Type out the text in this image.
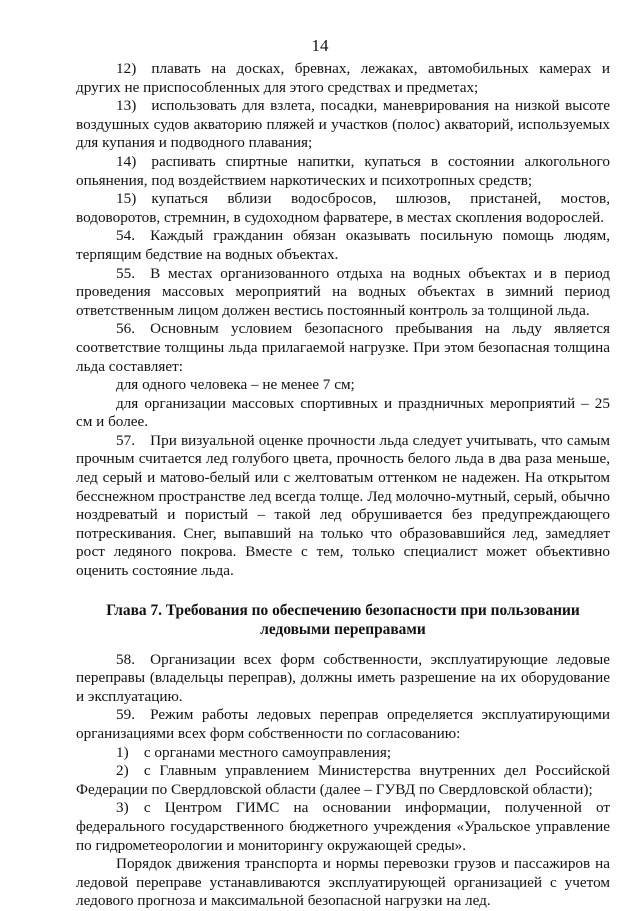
14

12) плавать на досках, бревнах, лежаках, автомобильных камерах и других не приспособленных для этого средствах и предметах;

13) использовать для взлета, посадки, маневрирования на низкой высоте воздушных судов акваторию пляжей и участков (полос) акваторий, используемых для купания и подводного плавания;

14) распивать спиртные напитки, купаться в состоянии алкогольного опьянения, под воздействием наркотических и психотропных средств;

15) купаться вблизи водосбросов, шлюзов, пристаней, мостов, водоворотов, стремнин, в судоходном фарватере, в местах скопления водорослей.

54. Каждый гражданин обязан оказывать посильную помощь людям, терпящим бедствие на водных объектах.

55. В местах организованного отдыха на водных объектах и в период проведения массовых мероприятий на водных объектах в зимний период ответственным лицом должен вестись постоянный контроль за толщиной льда.

56. Основным условием безопасного пребывания на льду является соответствие толщины льда прилагаемой нагрузке. При этом безопасная толщина льда составляет:

для одного человека – не менее 7 см;

для организации массовых спортивных и праздничных мероприятий – 25 см и более.

57. При визуальной оценке прочности льда следует учитывать, что самым прочным считается лед голубого цвета, прочность белого льда в два раза меньше, лед серый и матово-белый или с желтоватым оттенком не надежен. На открытом бесснежном пространстве лед всегда толще. Лед молочно-мутный, серый, обычно ноздреватый и пористый – такой лед обрушивается без предупреждающего потрескивания. Снег, выпавший на только что образовавшийся лед, замедляет рост ледяного покрова. Вместе с тем, только специалист может объективно оценить состояние льда.

Глава 7. Требования по обеспечению безопасности при пользовании
ледовыми переправами

58. Организации всех форм собственности, эксплуатирующие ледовые переправы (владельцы переправ), должны иметь разрешение на их оборудование и эксплуатацию.

59. Режим работы ледовых переправ определяется эксплуатирующими организациями всех форм собственности по согласованию:

1) с органами местного самоуправления;

2) с Главным управлением Министерства внутренних дел Российской Федерации по Свердловской области (далее – ГУВД по Свердловской области);

3) с Центром ГИМС на основании информации, полученной от федерального государственного бюджетного учреждения «Уральское управление по гидрометеорологии и мониторингу окружающей среды».

Порядок движения транспорта и нормы перевозки грузов и пассажиров на ледовой переправе устанавливаются эксплуатирующей организацией с учетом ледового прогноза и максимальной безопасной нагрузки на лед.
